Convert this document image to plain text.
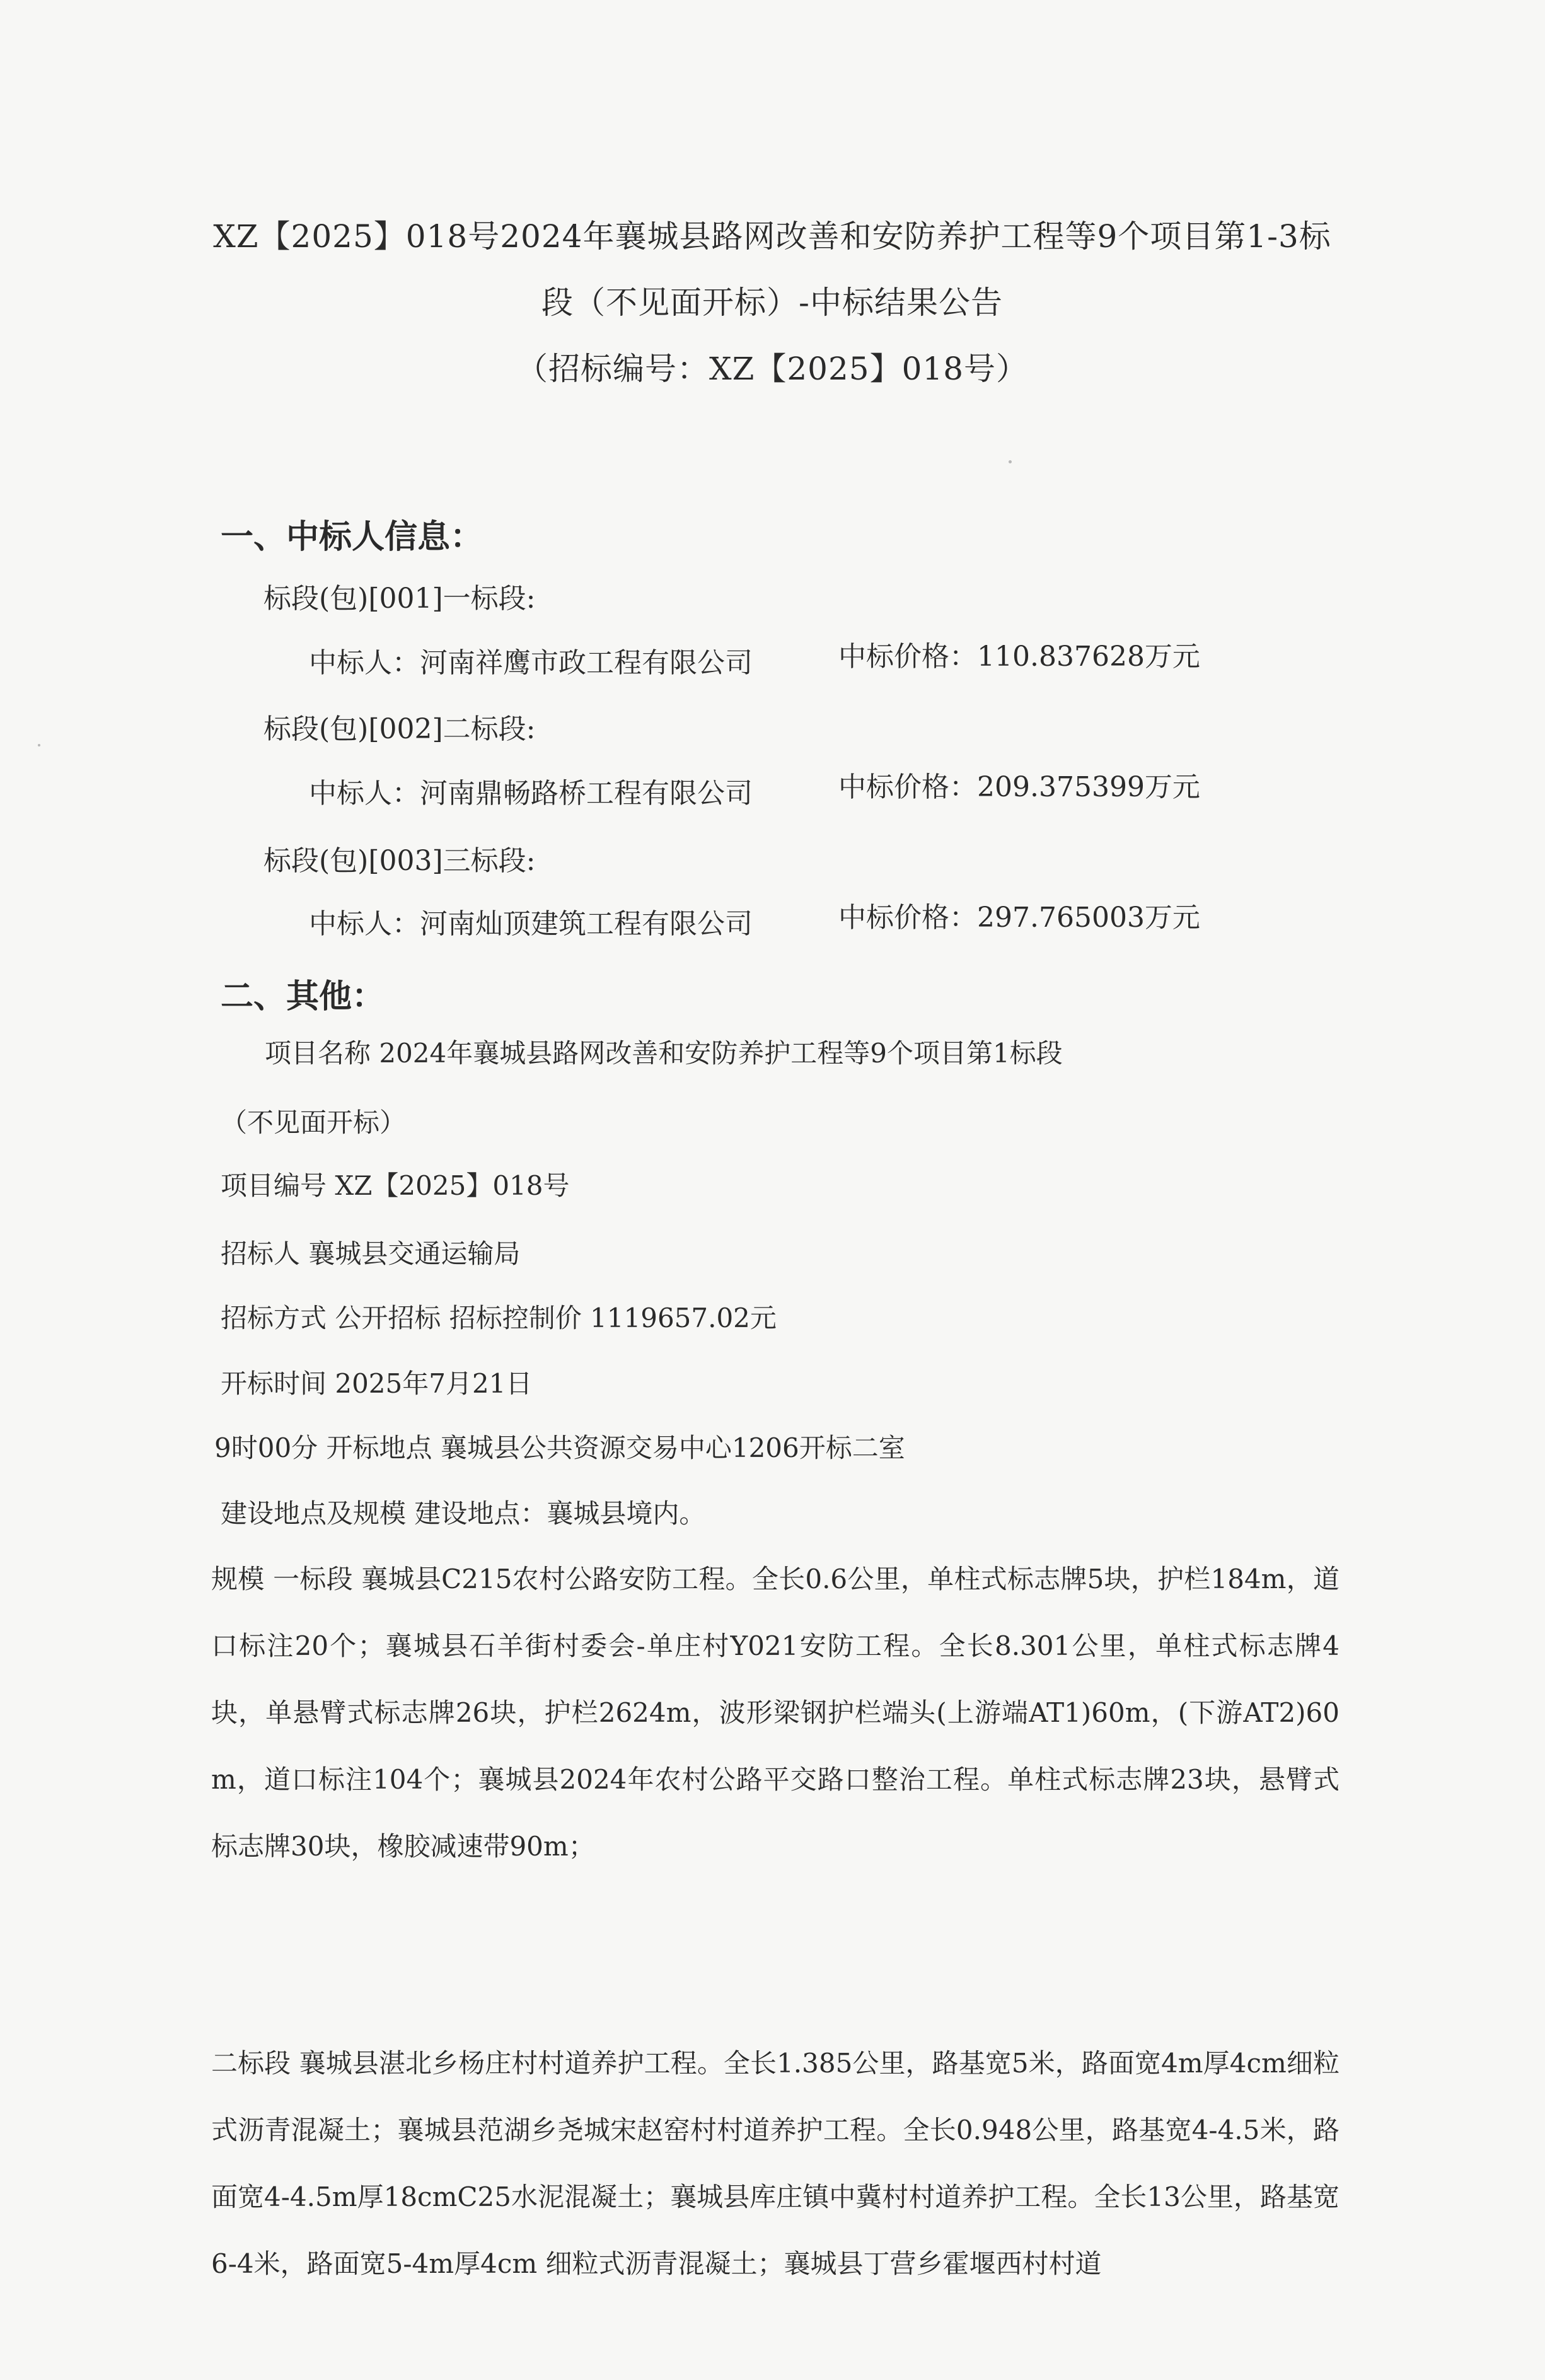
XZ【2025】018号2024年襄城县路网改善和安防养护工程等9个项目第1-3标
段（不见面开标）-中标结果公告
（招标编号：XZ【2025】018号）
一、中标人信息：
标段(包)[001]一标段:
中标人：河南祥鹰市政工程有限公司	中标价格：110.837628万元
标段(包)[002]二标段:
中标人：河南鼎畅路桥工程有限公司	中标价格：209.375399万元
标段(包)[003]三标段:
中标人：河南灿顶建筑工程有限公司	中标价格：297.765003万元
二、其他：
项目名称 2024年襄城县路网改善和安防养护工程等9个项目第1标段
（不见面开标）
项目编号 XZ【2025】018号
招标人 襄城县交通运输局
招标方式 公开招标 招标控制价 1119657.02元
开标时间 2025年7月21日
9时00分 开标地点 襄城县公共资源交易中心1206开标二室
建设地点及规模 建设地点：襄城县境内。
规模 一标段 襄城县C215农村公路安防工程。全长0.6公里，单柱式标志牌5块，护栏184m，道口标注20个；襄城县石羊街村委会-单庄村Y021安防工程。全长8.301公里，单柱式标志牌4块，单悬臂式标志牌26块，护栏2624m，波形梁钢护栏端头(上游端AT1)60m，(下游AT2)60m，道口标注104个；襄城县2024年农村公路平交路口整治工程。单柱式标志牌23块，悬臂式标志牌30块，橡胶减速带90m；
二标段 襄城县湛北乡杨庄村村道养护工程。全长1.385公里，路基宽5米，路面宽4m厚4cm细粒式沥青混凝土；襄城县范湖乡尧城宋赵窑村村道养护工程。全长0.948公里，路基宽4-4.5米，路面宽4-4.5m厚18cmC25水泥混凝土；襄城县库庄镇中冀村村道养护工程。全长13公里，路基宽6-4米，路面宽5-4m厚4cm 细粒式沥青混凝土；襄城县丁营乡霍堰西村村道
